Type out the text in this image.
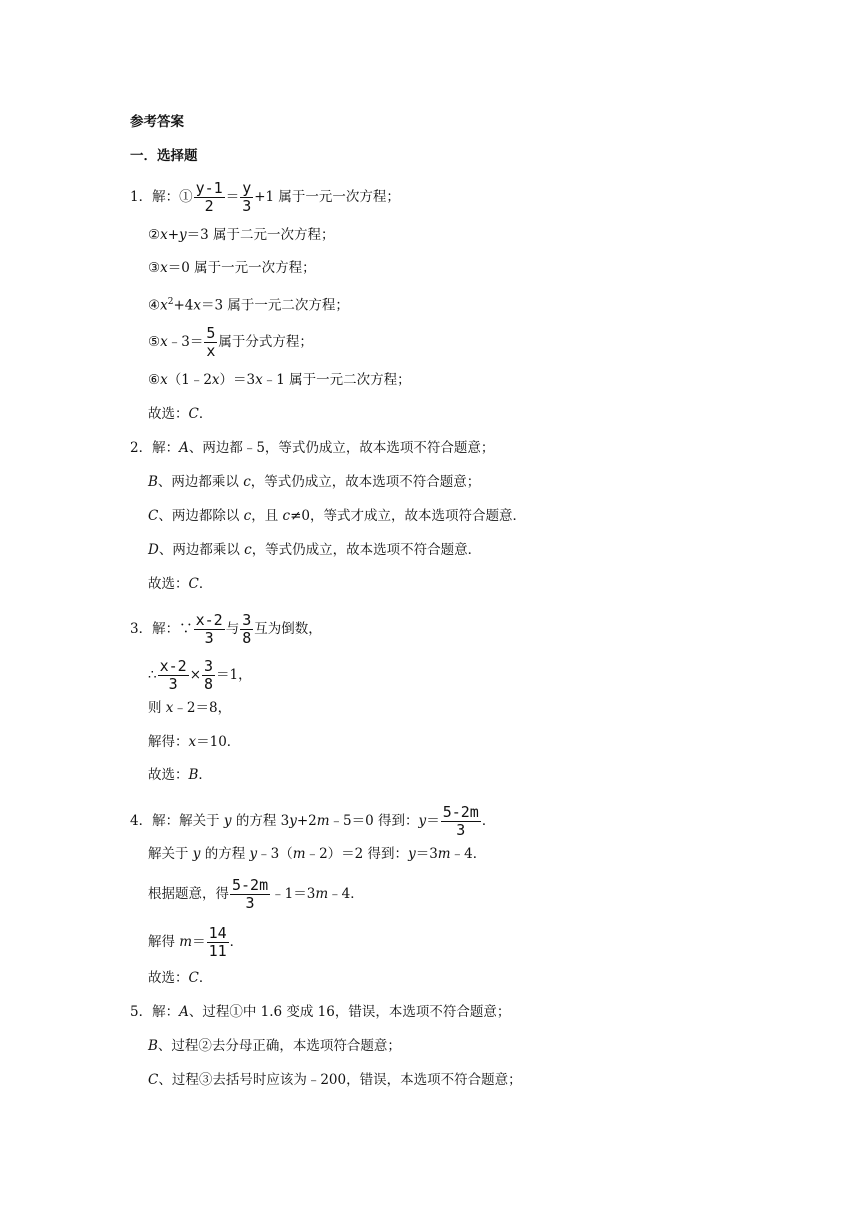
参考答案
一．选择题
1．解：① $\frac{y-1}{2} = \frac{y}{3} +1$ 属于一元一次方程；
②x+y＝3 属于二元一次方程；
③x＝0 属于一元一次方程；
$④x^2+4x=3$ 属于一元二次方程；
⑤x﹣3＝ $\frac{5}{x}$ 属于分式方程；
⑥x（1﹣2x）＝3x﹣1 属于一元二次方程；
故选：C．
2．解：A、两边都﹣5，等式仍成立，故本选项不符合题意；
B、两边都乘以 c，等式仍成立，故本选项不符合题意；
C、两边都除以 c，且 c≠0，等式才成立，故本选项符合题意．
D、两边都乘以 c，等式仍成立，故本选项不符合题意．
故选：C．
3．解：∵ $\frac{x-2}{3}$ 与 $\frac{3}{8}$ 互为倒数，
∴ $\frac{x-2}{3} \times \frac{3}{8} =1$，
则 x﹣2＝8，
解得：x＝10．
故选：B．
4．解：解关于 y 的方程 3y+2m﹣5＝0 得到：$y= \frac{5-2m}{3}$ ．
解关于 y 的方程 y﹣3（m﹣2）＝2 得到：y＝3m﹣4．
根据题意，得 $\frac{5-2m}{3}$ ﹣1＝3m﹣4．
解得 $m= \frac{14}{11}$ ．
故选：C．
5．解：A、过程①中 1.6 变成 16，错误，本选项不符合题意；
B、过程②去分母正确，本选项符合题意；
C、过程③去括号时应该为﹣200，错误，本选项不符合题意；
